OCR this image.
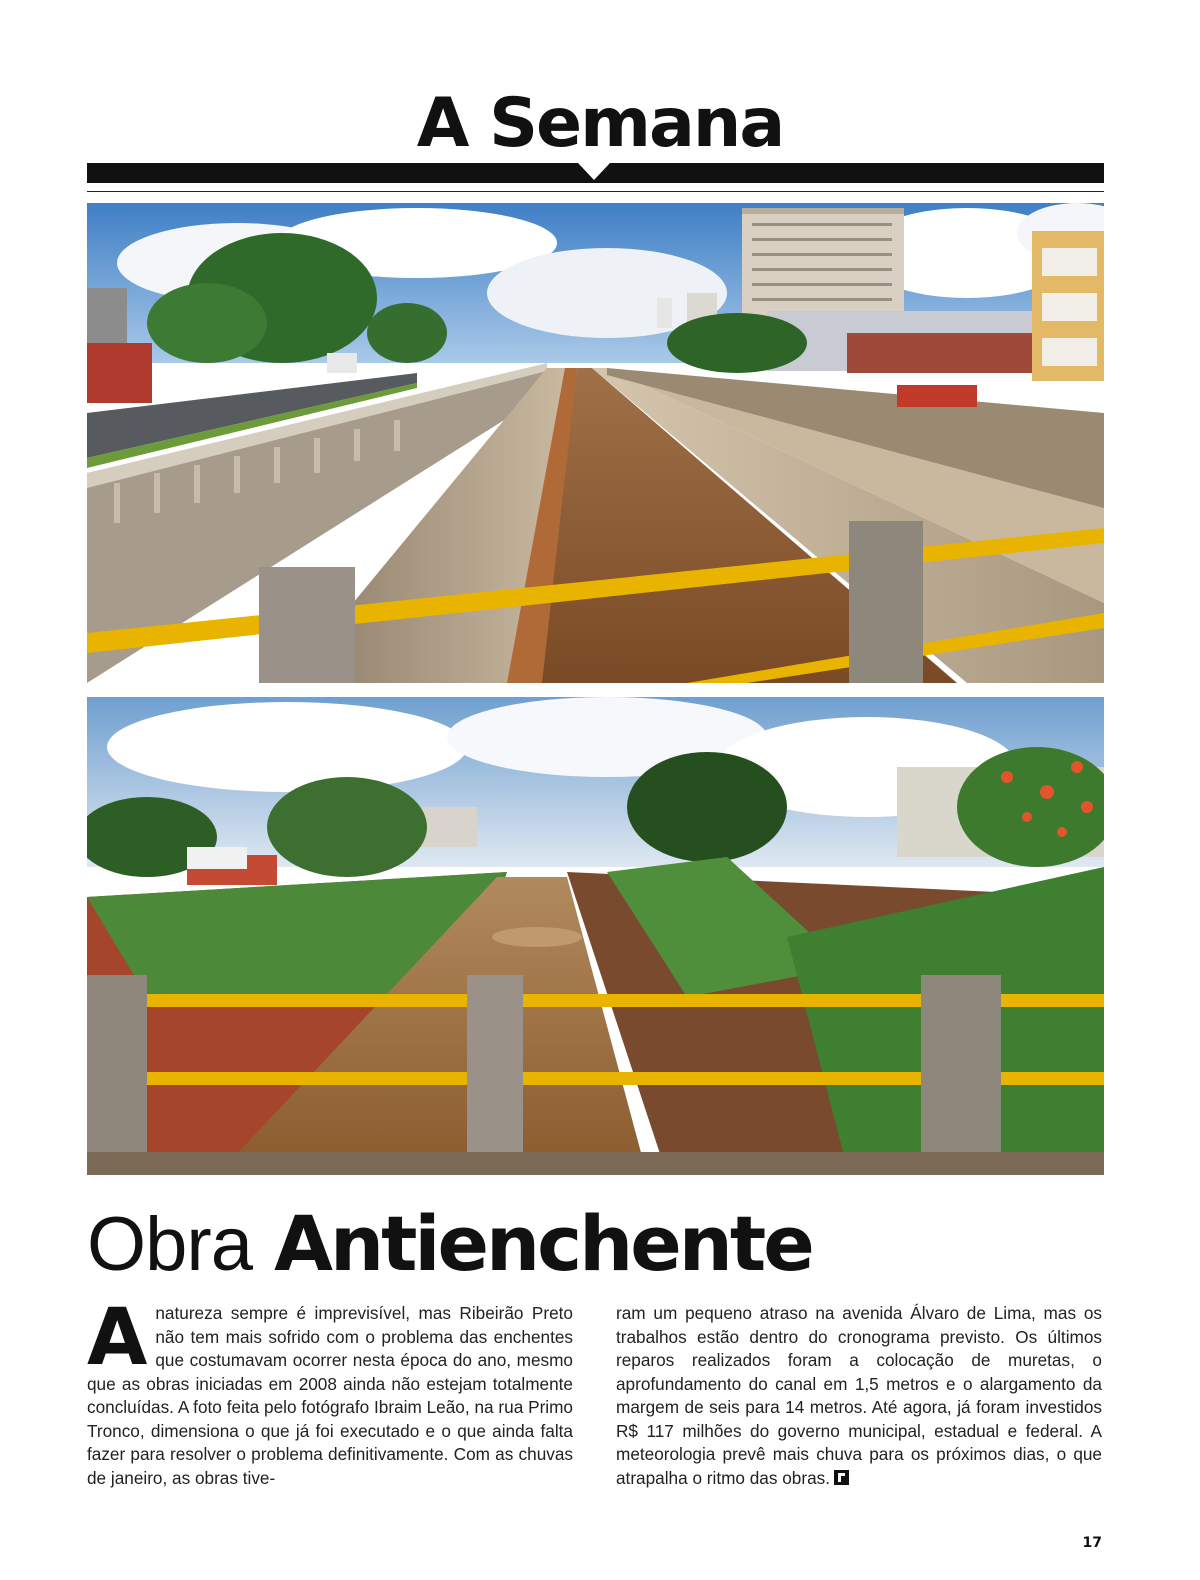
A Semana
Obra Antienchente

A natureza sempre é imprevisível, mas Ribeirão Preto não tem mais sofrido com o problema das enchentes que costumavam ocorrer nesta época do ano, mesmo que as obras iniciadas em 2008 ainda não estejam totalmente concluídas. A foto feita pelo fotógrafo Ibraim Leão, na rua Primo Tronco, dimensiona o que já foi executado e o que ainda falta fazer para resolver o problema definitivamente. Com as chuvas de janeiro, as obras tive-

ram um pequeno atraso na avenida Álvaro de Lima, mas os trabalhos estão dentro do cronograma previsto. Os últimos reparos realizados foram a colocação de muretas, o aprofundamento do canal em 1,5 metros e o alargamento da margem de seis para 14 metros. Até agora, já foram investidos R$ 117 milhões do governo municipal, estadual e federal. A meteorologia prevê mais chuva para os próximos dias, o que atrapalha o ritmo das obras.

17
